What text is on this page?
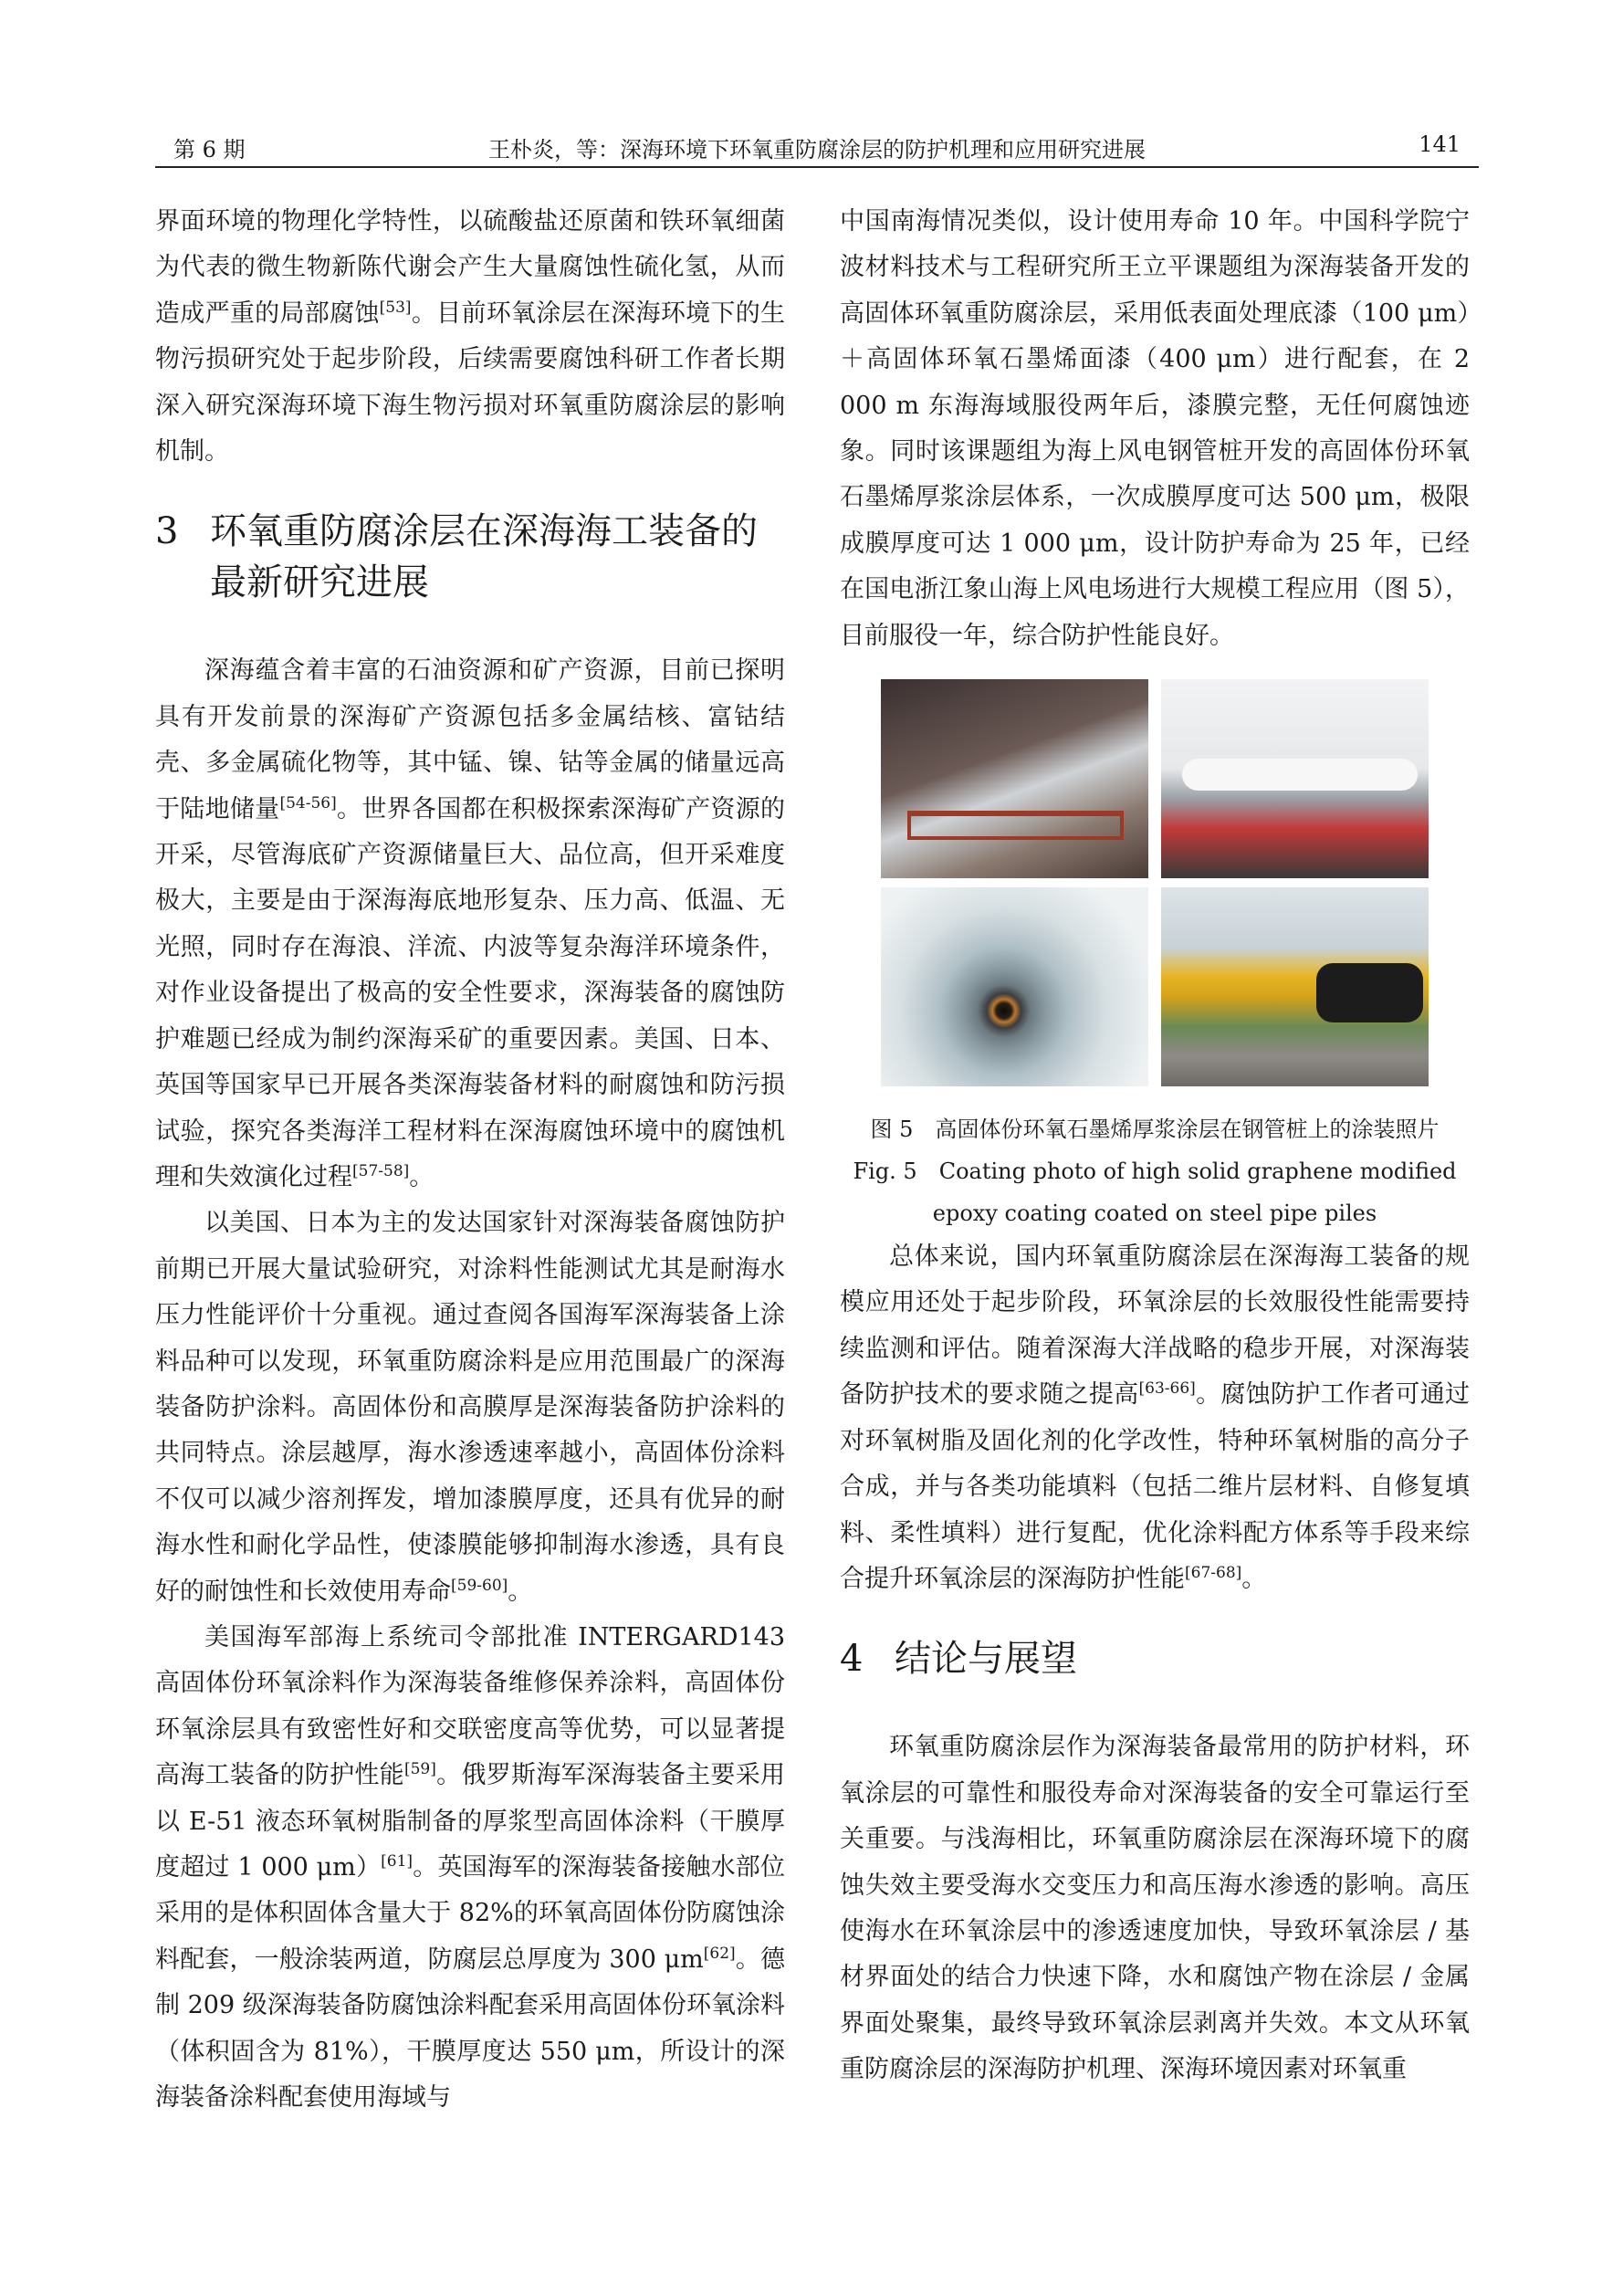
第 6 期	王朴炎，等：深海环境下环氧重防腐涂层的防护机理和应用研究进展	141

界面环境的物理化学特性，以硫酸盐还原菌和铁环氧细菌为代表的微生物新陈代谢会产生大量腐蚀性硫化氢，从而造成严重的局部腐蚀[53]。目前环氧涂层在深海环境下的生物污损研究处于起步阶段，后续需要腐蚀科研工作者长期深入研究深海环境下海生物污损对环氧重防腐涂层的影响机制。

3 环氧重防腐涂层在深海海工装备的最新研究进展

深海蕴含着丰富的石油资源和矿产资源，目前已探明具有开发前景的深海矿产资源包括多金属结核、富钴结壳、多金属硫化物等，其中锰、镍、钴等金属的储量远高于陆地储量[54-56]。世界各国都在积极探索深海矿产资源的开采，尽管海底矿产资源储量巨大、品位高，但开采难度极大，主要是由于深海海底地形复杂、压力高、低温、无光照，同时存在海浪、洋流、内波等复杂海洋环境条件，对作业设备提出了极高的安全性要求，深海装备的腐蚀防护难题已经成为制约深海采矿的重要因素。美国、日本、英国等国家早已开展各类深海装备材料的耐腐蚀和防污损试验，探究各类海洋工程材料在深海腐蚀环境中的腐蚀机理和失效演化过程[57-58]。

以美国、日本为主的发达国家针对深海装备腐蚀防护前期已开展大量试验研究，对涂料性能测试尤其是耐海水压力性能评价十分重视。通过查阅各国海军深海装备上涂料品种可以发现，环氧重防腐涂料是应用范围最广的深海装备防护涂料。高固体份和高膜厚是深海装备防护涂料的共同特点。涂层越厚，海水渗透速率越小，高固体份涂料不仅可以减少溶剂挥发，增加漆膜厚度，还具有优异的耐海水性和耐化学品性，使漆膜能够抑制海水渗透，具有良好的耐蚀性和长效使用寿命[59-60]。

美国海军部海上系统司令部批准 INTERGARD143 高固体份环氧涂料作为深海装备维修保养涂料，高固体份环氧涂层具有致密性好和交联密度高等优势，可以显著提高海工装备的防护性能[59]。俄罗斯海军深海装备主要采用以 E-51 液态环氧树脂制备的厚浆型高固体涂料（干膜厚度超过 1 000 μm）[61]。英国海军的深海装备接触水部位采用的是体积固体含量大于 82%的环氧高固体份防腐蚀涂料配套，一般涂装两道，防腐层总厚度为 300 μm[62]。德制 209 级深海装备防腐蚀涂料配套采用高固体份环氧涂料（体积固含为 81%），干膜厚度达 550 μm，所设计的深海装备涂料配套使用海域与

中国南海情况类似，设计使用寿命 10 年。中国科学院宁波材料技术与工程研究所王立平课题组为深海装备开发的高固体环氧重防腐涂层，采用低表面处理底漆（100 μm）＋高固体环氧石墨烯面漆（400 μm）进行配套，在 2 000 m 东海海域服役两年后，漆膜完整，无任何腐蚀迹象。同时该课题组为海上风电钢管桩开发的高固体份环氧石墨烯厚浆涂层体系，一次成膜厚度可达 500 μm，极限成膜厚度可达 1 000 μm，设计防护寿命为 25 年，已经在国电浙江象山海上风电场进行大规模工程应用（图 5），目前服役一年，综合防护性能良好。

图 5　高固体份环氧石墨烯厚浆涂层在钢管桩上的涂装照片
Fig. 5　Coating photo of high solid graphene modified
epoxy coating coated on steel pipe piles

总体来说，国内环氧重防腐涂层在深海海工装备的规模应用还处于起步阶段，环氧涂层的长效服役性能需要持续监测和评估。随着深海大洋战略的稳步开展，对深海装备防护技术的要求随之提高[63-66]。腐蚀防护工作者可通过对环氧树脂及固化剂的化学改性，特种环氧树脂的高分子合成，并与各类功能填料（包括二维片层材料、自修复填料、柔性填料）进行复配，优化涂料配方体系等手段来综合提升环氧涂层的深海防护性能[67-68]。

4 结论与展望

环氧重防腐涂层作为深海装备最常用的防护材料，环氧涂层的可靠性和服役寿命对深海装备的安全可靠运行至关重要。与浅海相比，环氧重防腐涂层在深海环境下的腐蚀失效主要受海水交变压力和高压海水渗透的影响。高压使海水在环氧涂层中的渗透速度加快，导致环氧涂层 / 基材界面处的结合力快速下降，水和腐蚀产物在涂层 / 金属界面处聚集，最终导致环氧涂层剥离并失效。本文从环氧重防腐涂层的深海防护机理、深海环境因素对环氧重
